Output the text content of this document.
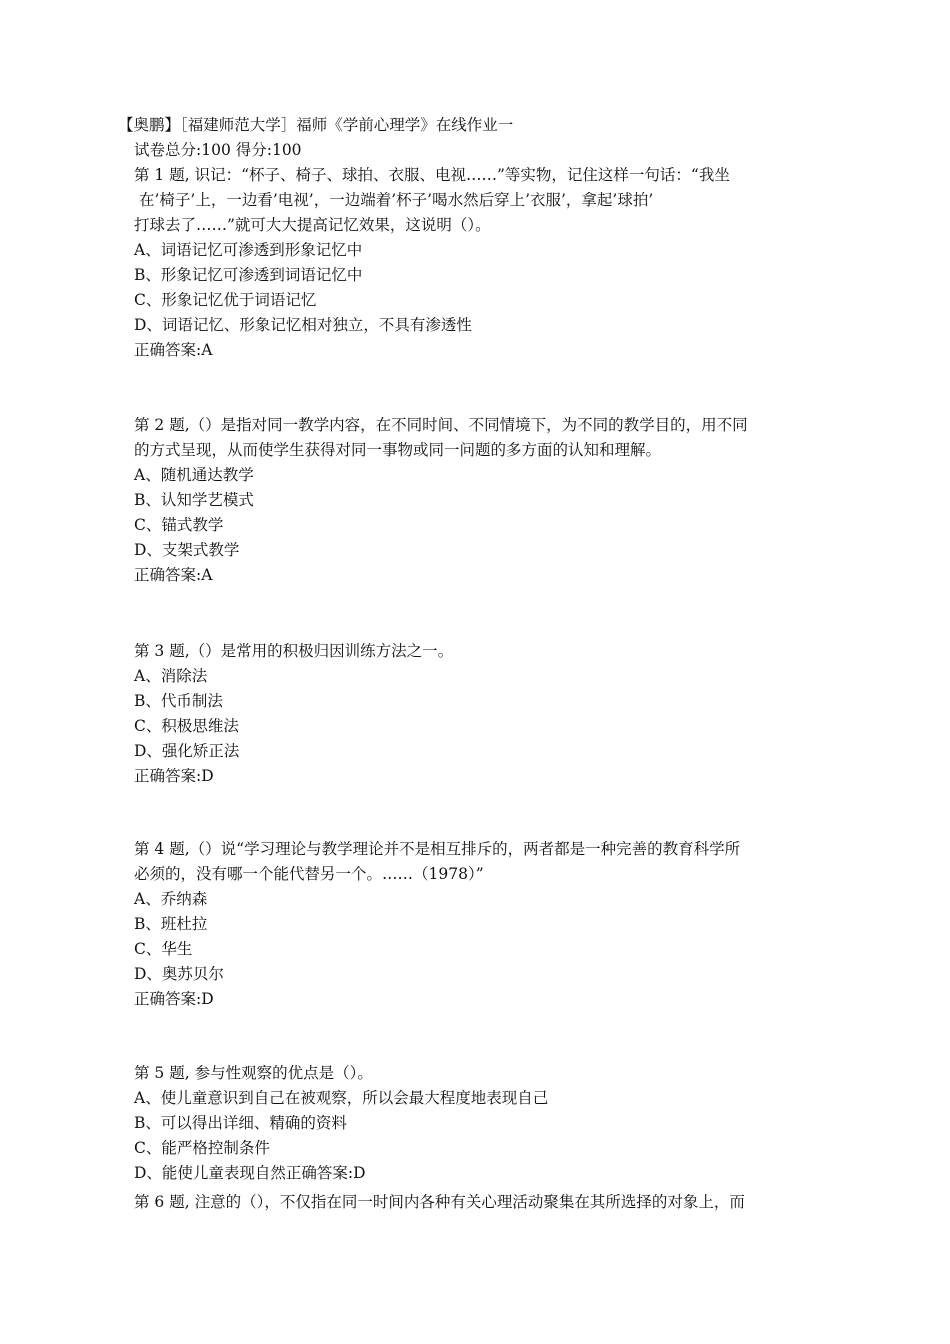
【奥鹏】［福建师范大学］福师《学前心理学》在线作业一
试卷总分:100 得分:100
第 1 题, 识记：“杯子、椅子、球拍、衣服、电视……”等实物，记住这样一句话：“我坐
在’椅子’上，一边看’电视’，一边端着’杯子’喝水然后穿上’衣服’，拿起’球拍’
打球去了……”就可大大提高记忆效果，这说明（）。
A、词语记忆可渗透到形象记忆中
B、形象记忆可渗透到词语记忆中
C、形象记忆优于词语记忆
D、词语记忆、形象记忆相对独立，不具有渗透性
正确答案:A
第 2 题,（）是指对同一教学内容，在不同时间、不同情境下，为不同的教学目的，用不同
的方式呈现，从而使学生获得对同一事物或同一问题的多方面的认知和理解。
A、随机通达教学
B、认知学艺模式
C、锚式教学
D、支架式教学
正确答案:A
第 3 题,（）是常用的积极归因训练方法之一。
A、消除法
B、代币制法
C、积极思维法
D、强化矫正法
正确答案:D
第 4 题,（）说“学习理论与教学理论并不是相互排斥的，两者都是一种完善的教育科学所
必须的，没有哪一个能代替另一个。……（1978）”
A、乔纳森
B、班杜拉
C、华生
D、奥苏贝尔
正确答案:D
第 5 题, 参与性观察的优点是（）。
A、使儿童意识到自己在被观察，所以会最大程度地表现自己
B、可以得出详细、精确的资料
C、能严格控制条件
D、能使儿童表现自然正确答案:D
第 6 题, 注意的（），不仅指在同一时间内各种有关心理活动聚集在其所选择的对象上，而
